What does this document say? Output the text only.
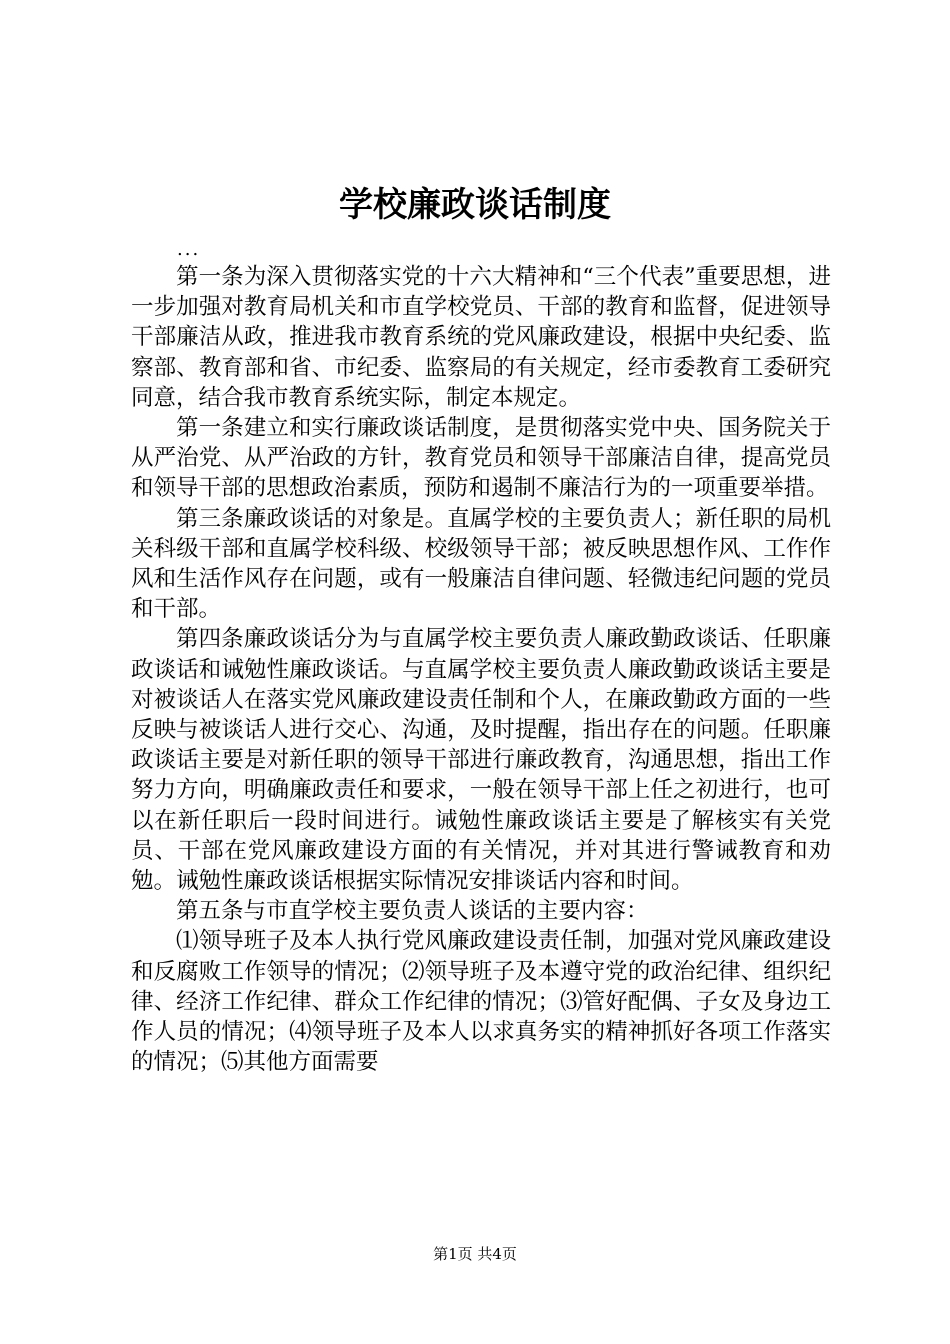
学校廉政谈话制度
...

第一条为深入贯彻落实党的十六大精神和“三个代表”重要思想，进一步加强对教育局机关和市直学校党员、干部的教育和监督，促进领导干部廉洁从政，推进我市教育系统的党风廉政建设，根据中央纪委、监察部、教育部和省、市纪委、监察局的有关规定，经市委教育工委研究同意，结合我市教育系统实际，制定本规定。

第一条建立和实行廉政谈话制度，是贯彻落实党中央、国务院关于从严治党、从严治政的方针，教育党员和领导干部廉洁自律，提高党员和领导干部的思想政治素质，预防和遏制不廉洁行为的一项重要举措。

第三条廉政谈话的对象是。直属学校的主要负责人；新任职的局机关科级干部和直属学校科级、校级领导干部；被反映思想作风、工作作风和生活作风存在问题，或有一般廉洁自律问题、轻微违纪问题的党员和干部。

第四条廉政谈话分为与直属学校主要负责人廉政勤政谈话、任职廉政谈话和诫勉性廉政谈话。与直属学校主要负责人廉政勤政谈话主要是对被谈话人在落实党风廉政建设责任制和个人，在廉政勤政方面的一些反映与被谈话人进行交心、沟通，及时提醒，指出存在的问题。任职廉政谈话主要是对新任职的领导干部进行廉政教育，沟通思想，指出工作努力方向，明确廉政责任和要求，一般在领导干部上任之初进行，也可以在新任职后一段时间进行。诫勉性廉政谈话主要是了解核实有关党员、干部在党风廉政建设方面的有关情况，并对其进行警诫教育和劝勉。诫勉性廉政谈话根据实际情况安排谈话内容和时间。

第五条与市直学校主要负责人谈话的主要内容：

⑴领导班子及本人执行党风廉政建设责任制，加强对党风廉政建设和反腐败工作领导的情况；⑵领导班子及本遵守党的政治纪律、组织纪律、经济工作纪律、群众工作纪律的情况；⑶管好配偶、子女及身边工作人员的情况；⑷领导班子及本人以求真务实的精神抓好各项工作落实的情况；⑸其他方面需要

第1页 共4页
